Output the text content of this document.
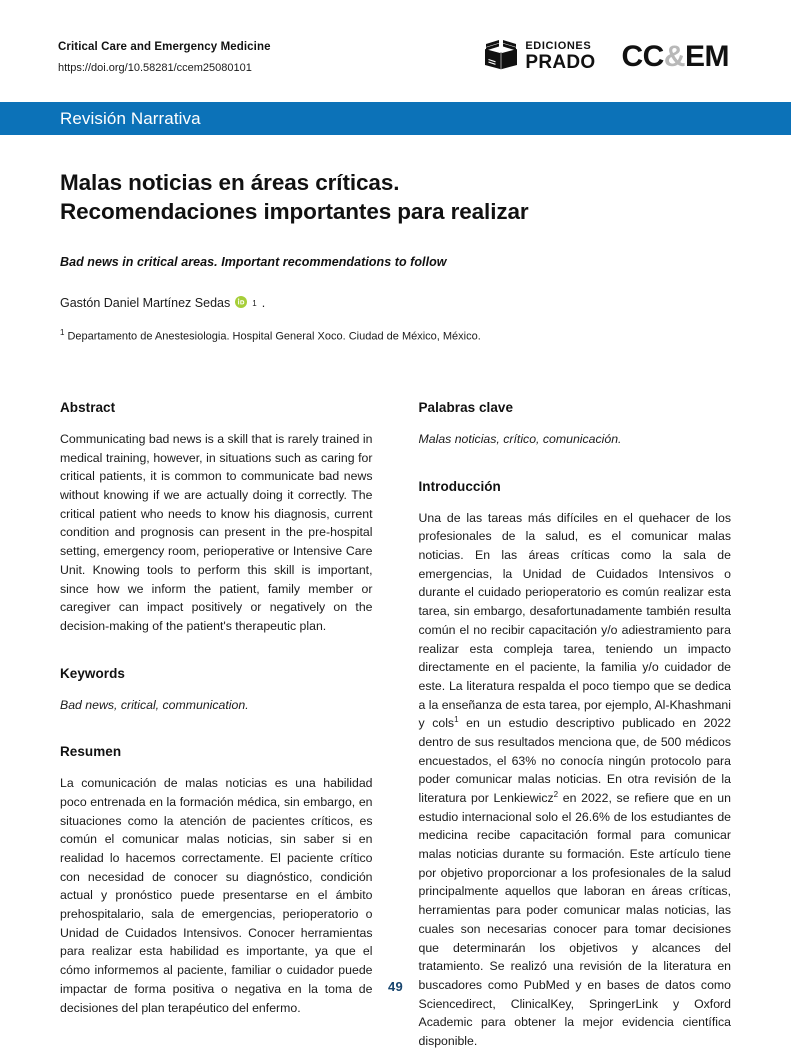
Critical Care and Emergency Medicine
https://doi.org/10.58281/ccem25080101
EDICIONES
PRADO CC&EM
Revisión Narrativa
Malas noticias en áreas críticas.
Recomendaciones importantes para realizar
Bad news in critical areas. Important recommendations to follow
Gastón Daniel Martínez Sedas	1 .
$^1$ Departamento de Anestesiologia. Hospital General Xoco. Ciudad de México, México.
Abstract

Communicating bad news is a skill that is rarely trained in medical training, however, in situations such as caring for critical patients, it is common to communicate bad news without knowing if we are actually doing it correctly. The critical patient who needs to know his diagnosis, current condition and prognosis can present in the pre-hospital setting, emergency room, perioperative or Intensive Care Unit. Knowing tools to perform this skill is important, since how we inform the patient, family member or caregiver can impact positively or negatively on the decision-making of the patient's therapeutic plan.

Keywords

Bad news, critical, communication.

Resumen

La comunicación de malas noticias es una habilidad poco entrenada en la formación médica, sin embargo, en situaciones como la atención de pacientes críticos, es común el comunicar malas noticias, sin saber si en realidad lo hacemos correctamente. El paciente crítico con necesidad de conocer su diagnóstico, condición actual y pronóstico puede presentarse en el ámbito prehospitalario, sala de emergencias, perioperatorio o Unidad de Cuidados Intensivos. Conocer herramientas para realizar esta habilidad es importante, ya que el cómo informemos al paciente, familiar o cuidador puede impactar de forma positiva o negativa en la toma de decisiones del plan terapéutico del enfermo.

Palabras clave

Malas noticias, crítico, comunicación.

Introducción

Una de las tareas más difíciles en el quehacer de los profesionales de la salud, es el comunicar malas noticias. En las áreas críticas como la sala de emergencias, la Unidad de Cuidados Intensivos o durante el cuidado perioperatorio es común realizar esta tarea, sin embargo, desafortunadamente también resulta común el no recibir capacitación y/o adiestramiento para realizar esta compleja tarea, teniendo un impacto directamente en el paciente, la familia y/o cuidador de este. La literatura respalda el poco tiempo que se dedica a la enseñanza de esta tarea, por ejemplo, Al-Khashmani y cols$^1$ en un estudio descriptivo publicado en 2022 dentro de sus resultados menciona que, de 500 médicos encuestados, el 63% no conocía ningún protocolo para poder comunicar malas noticias. En otra revisión de la literatura por Lenkiewicz$^2$ en 2022, se refiere que en un estudio internacional solo el 26.6% de los estudiantes de medicina recibe capacitación formal para comunicar malas noticias durante su formación. Este artículo tiene por objetivo proporcionar a los profesionales de la salud principalmente aquellos que laboran en áreas críticas, herramientas para poder comunicar malas noticias, las cuales son necesarias conocer para tomar decisiones que determinarán los objetivos y alcances del tratamiento. Se realizó una revisión de la literatura en buscadores como PubMed y en bases de datos como Sciencedirect, ClinicalKey, SpringerLink y Oxford Academic para obtener la mejor evidencia científica disponible.

49
